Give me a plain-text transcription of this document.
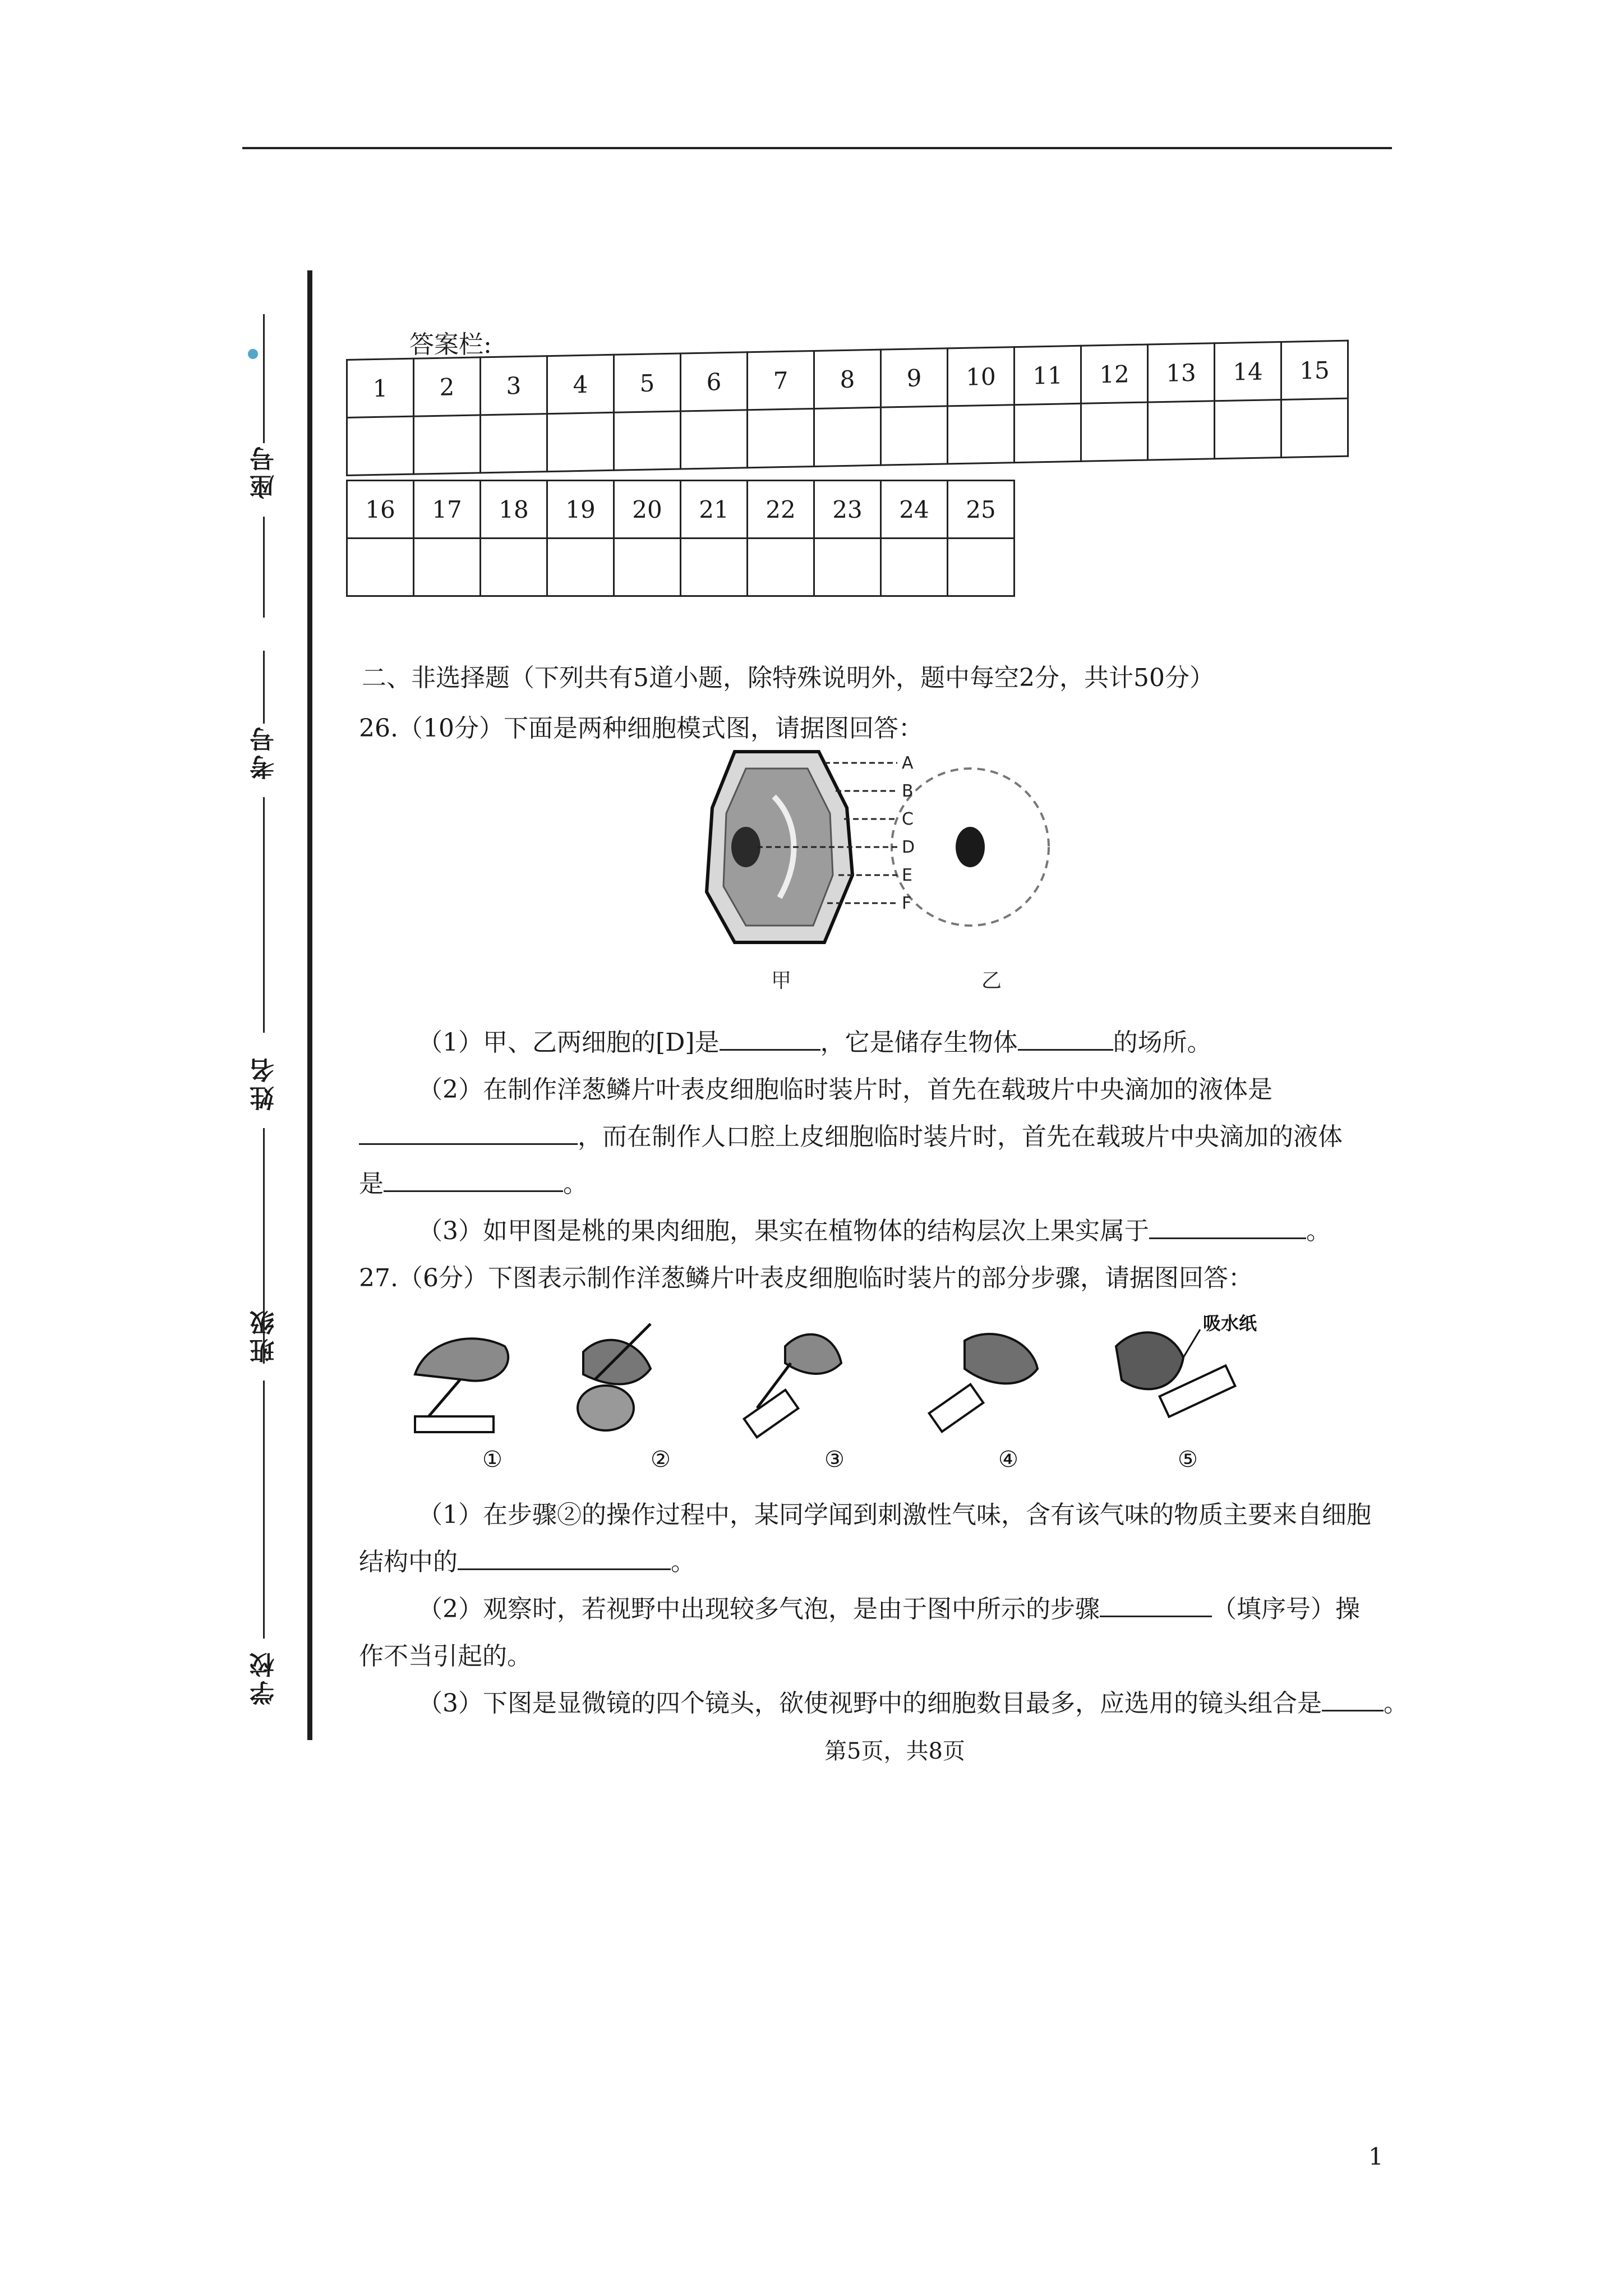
座号
考号
姓名
班级
学校
答案栏:
1	2	3	4	5	6	7	8	9	10	11	12	13	14	15

16	17	18	19	20	21	22	23	24	25

二、非选择题（下列共有5道小题，除特殊说明外，题中每空2分，共计50分）
26.（10分）下面是两种细胞模式图，请据图回答：
A
B
C
D
E
F
甲	乙
（1）甲、乙两细胞的[D]是	，它是储存生物体	的场所。
（2）在制作洋葱鳞片叶表皮细胞临时装片时，首先在载玻片中央滴加的液体是
，而在制作人口腔上皮细胞临时装片时，首先在载玻片中央滴加的液体
是	。
（3）如甲图是桃的果肉细胞，果实在植物体的结构层次上果实属于	。
27.（6分）下图表示制作洋葱鳞片叶表皮细胞临时装片的部分步骤，请据图回答：
吸水纸
①	②	③	④	⑤
（1）在步骤②的操作过程中，某同学闻到刺激性气味，含有该气味的物质主要来自细胞
结构中的	。
（2）观察时，若视野中出现较多气泡，是由于图中所示的步骤	（填序号）操
作不当引起的。
（3）下图是显微镜的四个镜头，欲使视野中的细胞数目最多，应选用的镜头组合是	。
第5页，共8页
1
